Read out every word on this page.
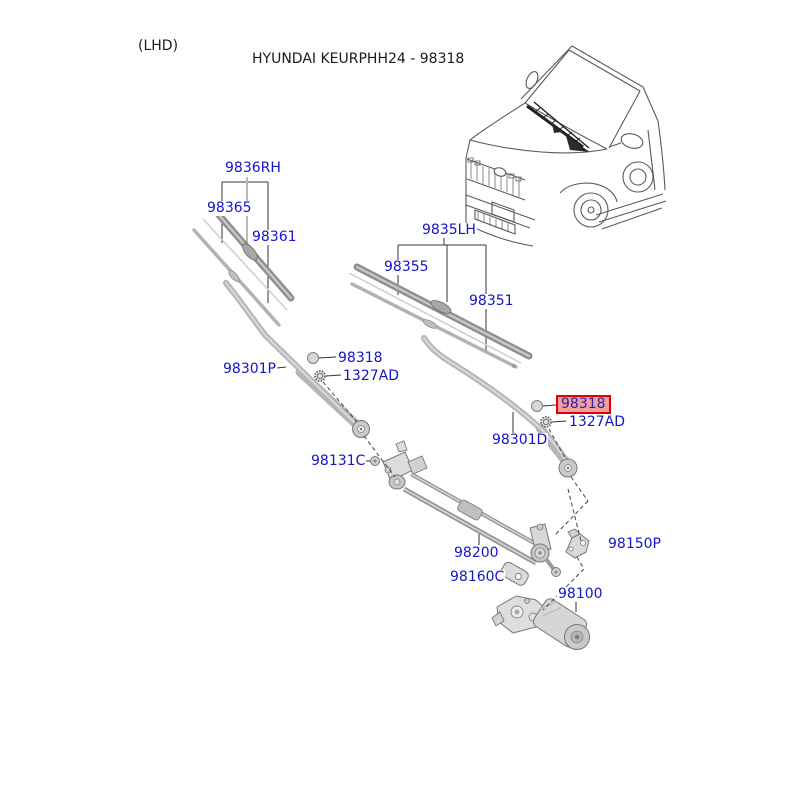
(LHD)
HYUNDAI KEURPHH24 - 98318
9836RH
98365
98361	9835LH
98355
98351
98318
1327AD
98301P
98318
1327AD
98301D
98131C
98200
98150P
98160C
98100
